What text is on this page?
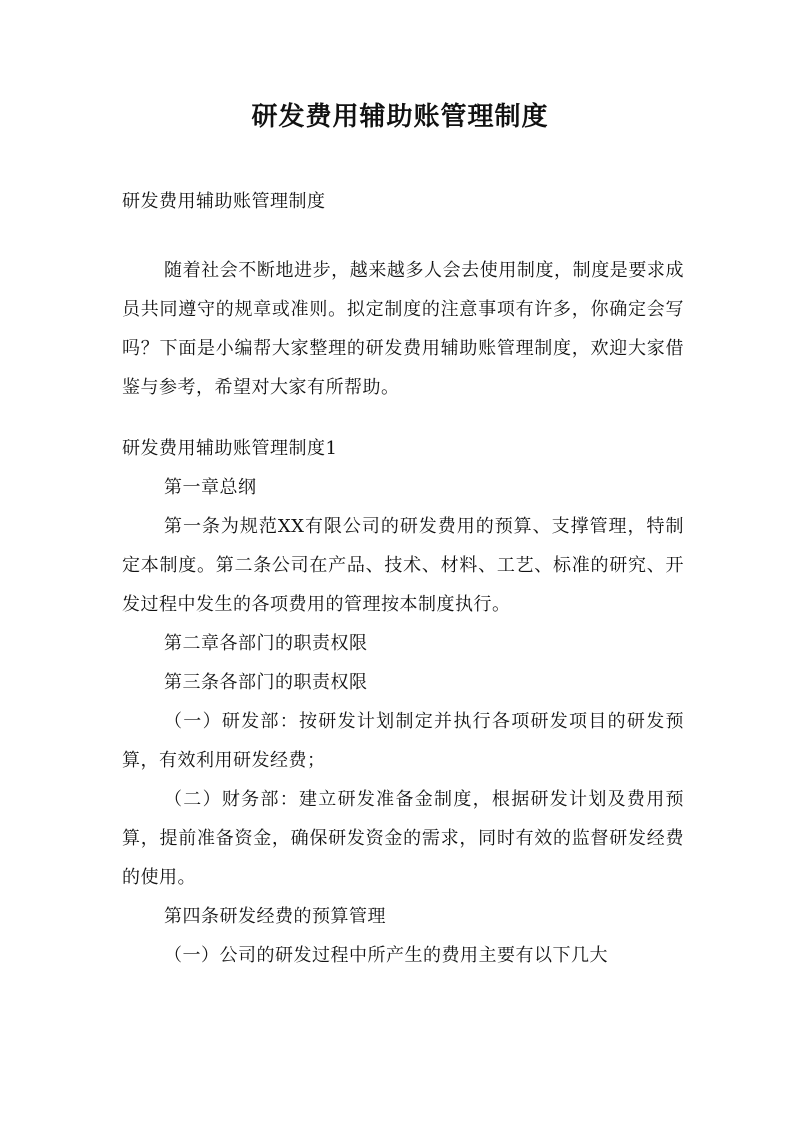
研发费用辅助账管理制度

研发费用辅助账管理制度

随着社会不断地进步，越来越多人会去使用制度，制度是要求成员共同遵守的规章或准则。拟定制度的注意事项有许多，你确定会写吗？下面是小编帮大家整理的研发费用辅助账管理制度，欢迎大家借鉴与参考，希望对大家有所帮助。

研发费用辅助账管理制度1

第一章总纲

第一条为规范XX有限公司的研发费用的预算、支撑管理，特制定本制度。第二条公司在产品、技术、材料、工艺、标准的研究、开发过程中发生的各项费用的管理按本制度执行。

第二章各部门的职责权限

第三条各部门的职责权限

（一）研发部：按研发计划制定并执行各项研发项目的研发预算，有效利用研发经费；

（二）财务部：建立研发准备金制度，根据研发计划及费用预算，提前准备资金，确保研发资金的需求，同时有效的监督研发经费的使用。

第四条研发经费的预算管理

（一）公司的研发过程中所产生的费用主要有以下几大
